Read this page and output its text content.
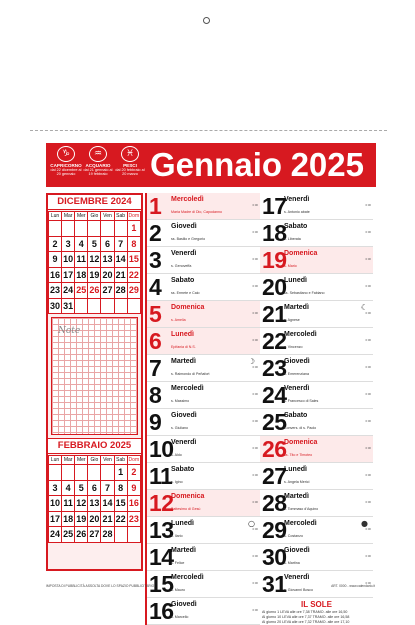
♑
CAPRICORNO
dal 22 dicembre al 20 gennaio
♒
ACQUARIO
dal 21 gennaio al 19 febbraio
♓
PESCI
dal 20 febbraio al 20 marzo Gennaio 2025
DICEMBRE 2024
Lun	Mar	Mer	Gio	Ven	Sab	Dom
						1
2	3	4	5	6	7	8
9	10	11	12	13	14	15
16	17	18	19	20	21	22
23	24	25	26	27	28	29
30	31					
Note
FEBBRAIO 2025
Lun	Mar	Mer	Gio	Ven	Sab	Dom
					1	2
3	4	5	6	7	8	9
10	11	12	13	14	15	16
17	18	19	20	21	22	23
24	25	26	27	28		
1 Mercoledì
Maria Madre di Dio, Capodanno
0:00
2 Giovedì
ss. Basilio e Gregorio
0:00
3 Venerdì
s. Genoveffa
0:00
4 Sabato
ss. Ermete e Caio
0:00
5 Domenica
s. Amelia
0:00
6 Lunedì
Epifania di N.S.
0:00
7 Martedì
s. Raimondo di Peñafort
0:00
☽
8 Mercoledì
s. Massimo
0:00
9 Giovedì
s. Giuliano
0:00
10
Venerdì
s. Aldo
0:00
11
Sabato
s. Igino
0:00
12
Domenica
Battesimo di Gesù
0:00
13
Lunedì
s. Ilario
0:00
○
14
Martedì
s. Felice
0:00
15
Mercoledì
s. Mauro
0:00
16
Giovedì
s. Marcello
0:00
17
Venerdì
s. Antonio abate
0:00
18
Sabato
s. Liberata
0:00
19
Domenica
s. Mario
0:00
20
Lunedì
ss. Sebastiano e Fabiano
0:00
21
Martedì
s. Agnese
0:00
☾
22
Mercoledì
s. Vincenzo
0:00
23
Giovedì
s. Emerenziana
0:00
24
Venerdì
s. Francesco di Sales
0:00
25
Sabato
Convers. di s. Paolo
0:00
26
Domenica
ss. Tito e Timoteo
0:00
27
Lunedì
s. Angela Merici
0:00
28
Martedì
s. Tommaso d'Aquino
0:00
29
Mercoledì
s. Costanzo
0:00
●
30
Giovedì
s. Martina
0:00
31
Venerdì
s. Giovanni Bosco
0:00
IL SOLE
Al giorno 1 LEVA alle ore 7,38 TRAMO. alle ore 16,50
Al giorno 10 LEVA alle ore 7,37 TRAMO. alle ore 16,58
Al giorno 20 LEVA alle ore 7,32 TRAMO. alle ore 17,10
IMPOSTA DI PUBBLICITÀ ASSOLTA DOVE LO SPAZIO PUBBLICITARIO	ART. 0000 - www.calendario.it
